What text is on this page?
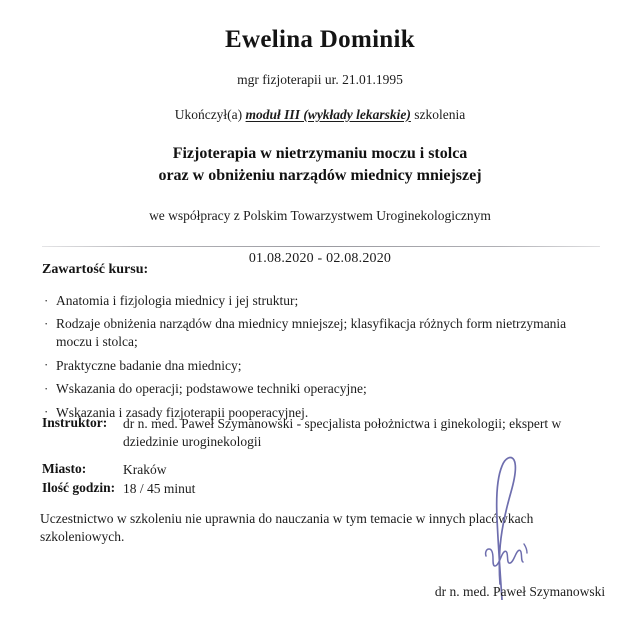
Ewelina Dominik
mgr fizjoterapii ur. 21.01.1995
Ukończył(a) moduł III (wykłady lekarskie) szkolenia
Fizjoterapia w nietrzymaniu moczu i stolca
oraz w obniżeniu narządów miednicy mniejszej
we współpracy z Polskim Towarzystwem Uroginekologicznym
01.08.2020 - 02.08.2020
Zawartość kursu:
· Anatomia i fizjologia miednicy i jej struktur;
· Rodzaje obniżenia narządów dna miednicy mniejszej; klasyfikacja różnych form nietrzymania moczu i stolca;
· Praktyczne badanie dna miednicy;
· Wskazania do operacji; podstawowe techniki operacyjne;
· Wskazania i zasady fizjoterapii pooperacyjnej.
Instruktor:	dr n. med. Paweł Szymanowski - specjalista położnictwa i ginekologii; ekspert w dziedzinie uroginekologii
Miasto:	Kraków
Ilość godzin: 18 / 45 minut
Uczestnictwo w szkoleniu nie uprawnia do nauczania w tym temacie w innych placówkach szkoleniowych.
dr n. med. Paweł Szymanowski
